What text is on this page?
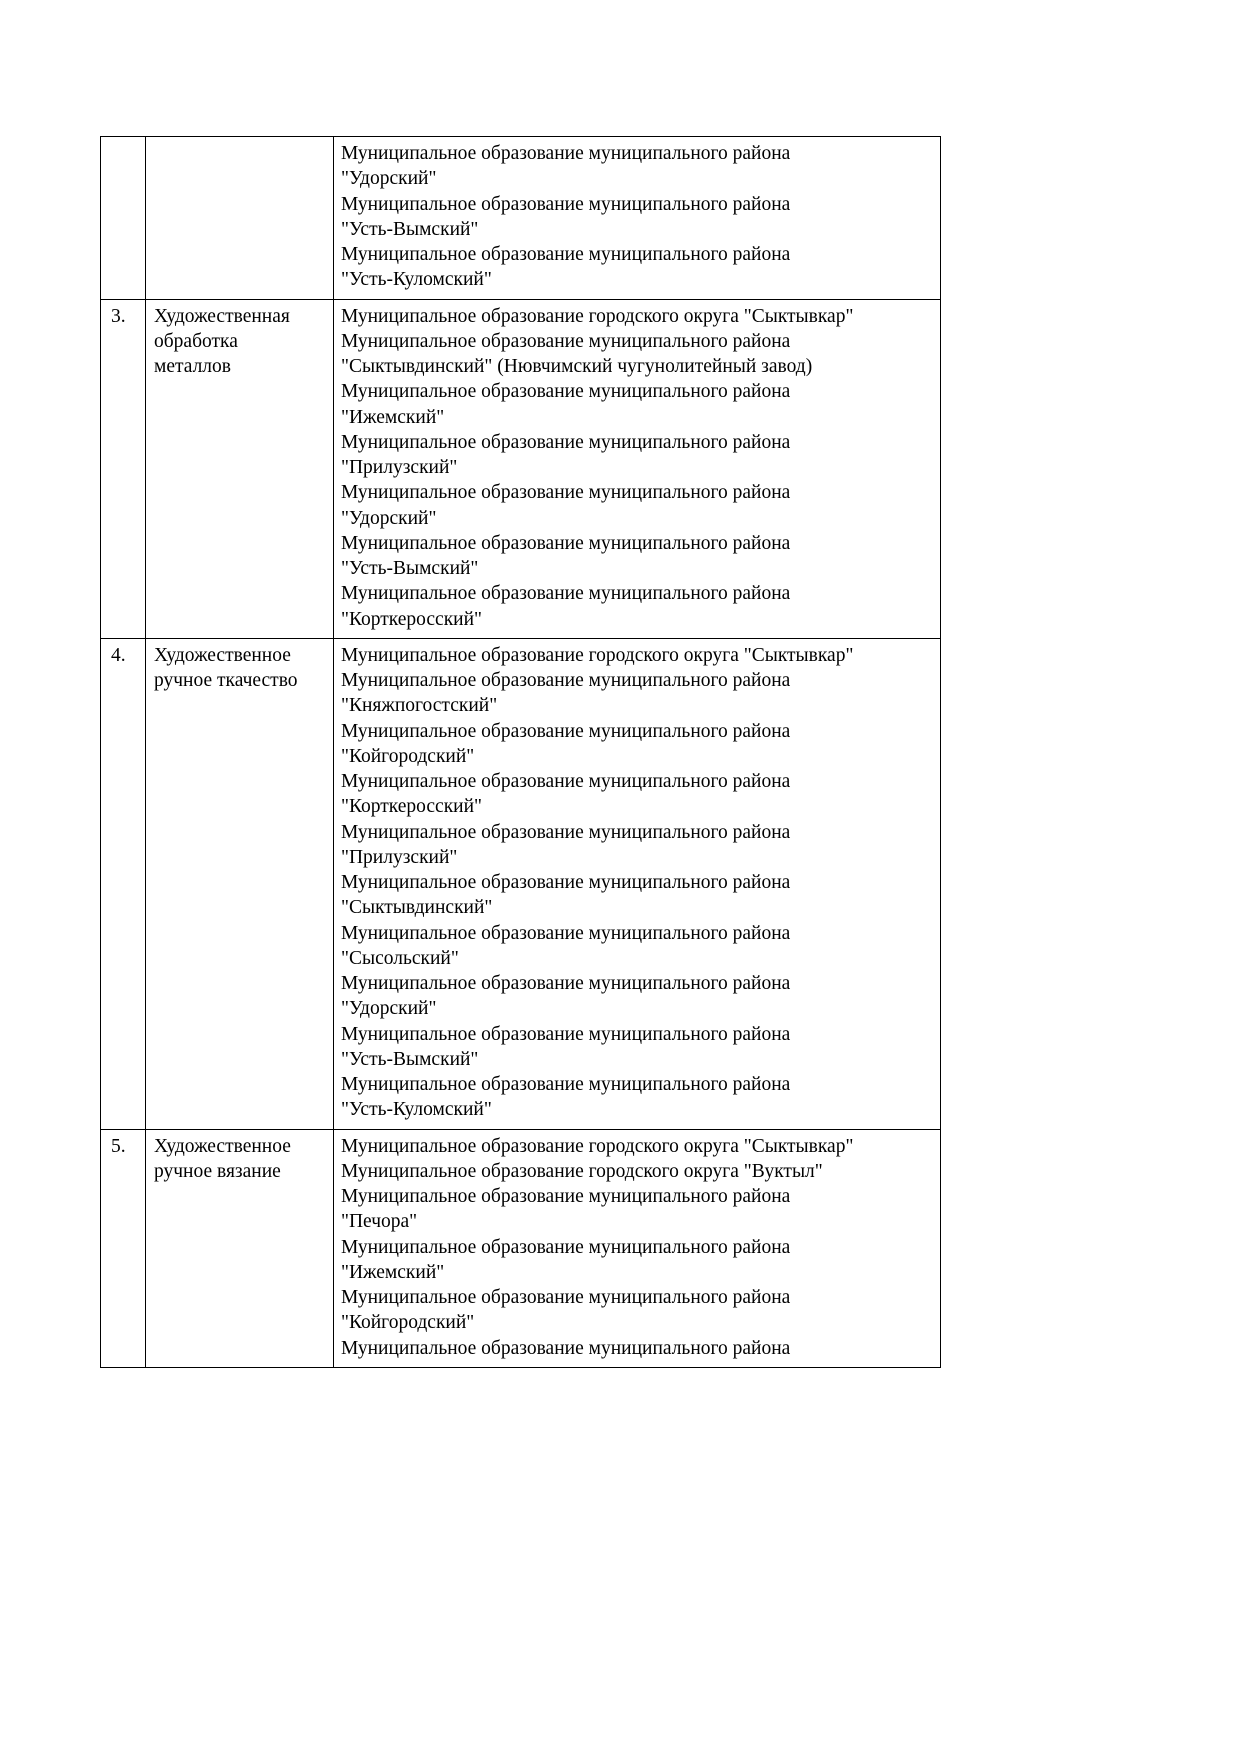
Муниципальное образование муниципального района
"Удорский"
Муниципальное образование муниципального района
"Усть-Вымский"
Муниципальное образование муниципального района
"Усть-Куломский"

3.	Художественная
обработка
металлов

Муниципальное образование городского округа "Сыктывкар"
Муниципальное образование муниципального района
"Сыктывдинский" (Нювчимский чугунолитейный завод)
Муниципальное образование муниципального района
"Ижемский"
Муниципальное образование муниципального района
"Прилузский"
Муниципальное образование муниципального района
"Удорский"
Муниципальное образование муниципального района
"Усть-Вымский"
Муниципальное образование муниципального района
"Корткеросский"

4.	Художественное
ручное ткачество

Муниципальное образование городского округа "Сыктывкар"
Муниципальное образование муниципального района
"Княжпогостский"
Муниципальное образование муниципального района
"Койгородский"
Муниципальное образование муниципального района
"Корткеросский"
Муниципальное образование муниципального района
"Прилузский"
Муниципальное образование муниципального района
"Сыктывдинский"
Муниципальное образование муниципального района
"Сысольский"
Муниципальное образование муниципального района
"Удорский"
Муниципальное образование муниципального района
"Усть-Вымский"
Муниципальное образование муниципального района
"Усть-Куломский"

5.	Художественное
ручное вязание

Муниципальное образование городского округа "Сыктывкар"
Муниципальное образование городского округа "Вуктыл"
Муниципальное образование муниципального района
"Печора"
Муниципальное образование муниципального района
"Ижемский"
Муниципальное образование муниципального района
"Койгородский"
Муниципальное образование муниципального района
